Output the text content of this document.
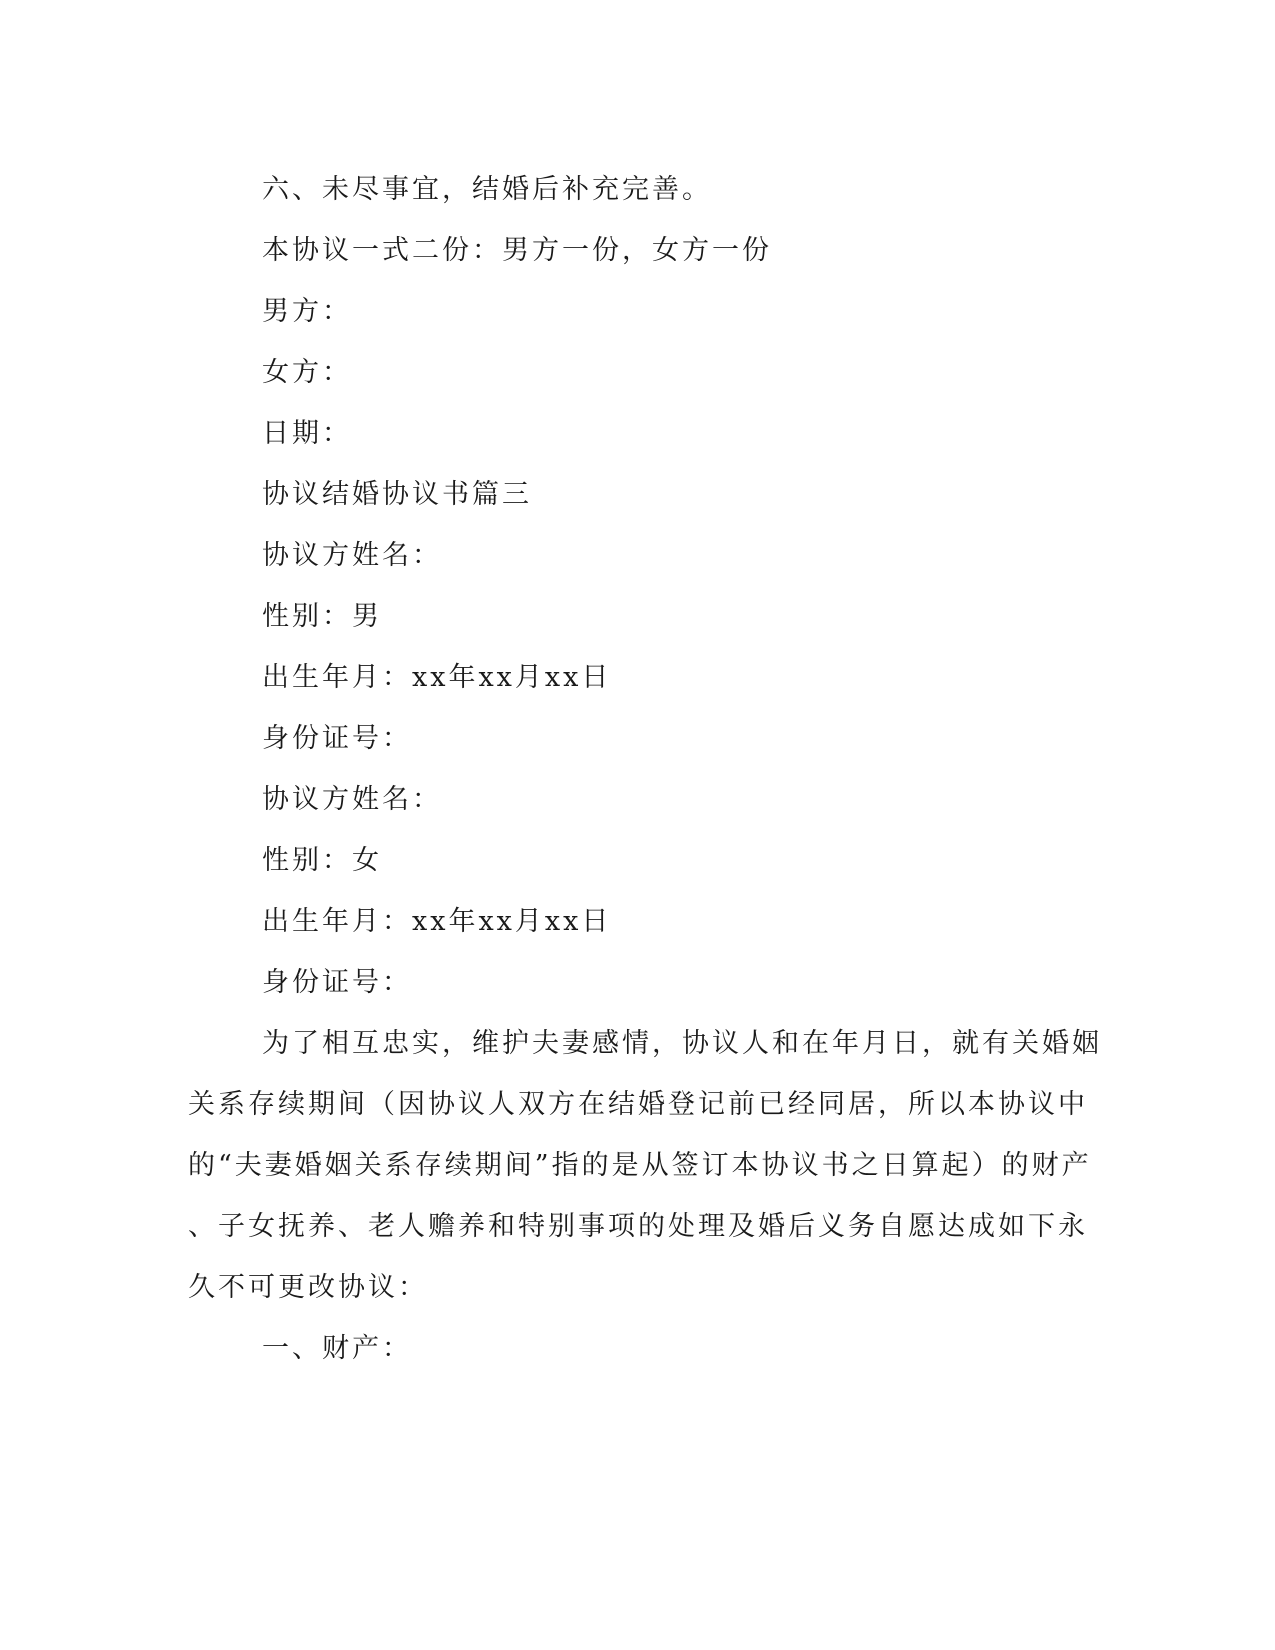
六、未尽事宜，结婚后补充完善。

本协议一式二份：男方一份，女方一份

男方：

女方：

日期：

协议结婚协议书篇三

协议方姓名：

性别：男

出生年月：xx年xx月xx日

身份证号：

协议方姓名：

性别：女

出生年月：xx年xx月xx日

身份证号：

为了相互忠实，维护夫妻感情，协议人和在年月日，就有关婚姻

关系存续期间（因协议人双方在结婚登记前已经同居，所以本协议中

的“夫妻婚姻关系存续期间”指的是从签订本协议书之日算起）的财产

、子女抚养、老人赡养和特别事项的处理及婚后义务自愿达成如下永

久不可更改协议：

一、财产：
